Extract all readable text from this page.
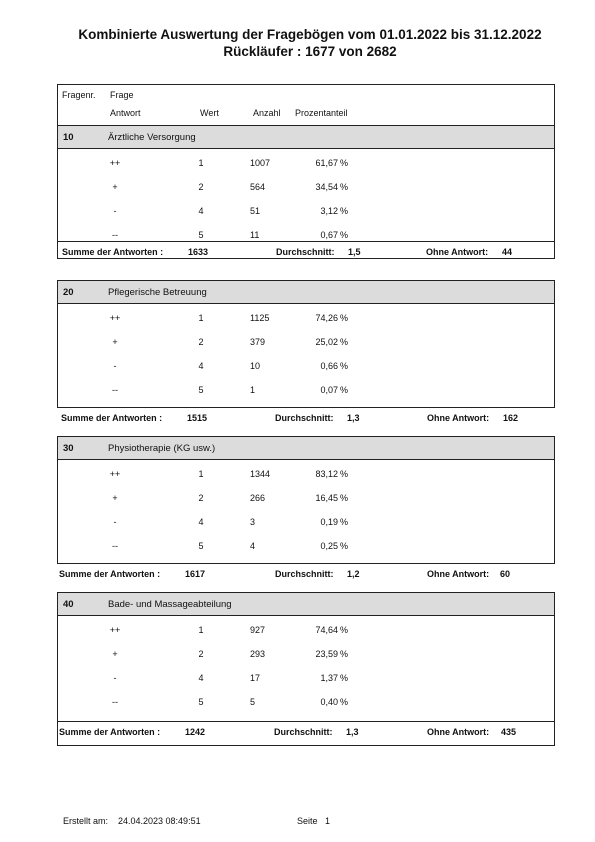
Kombinierte Auswertung der Fragebögen vom 01.01.2022 bis 31.12.2022
Rückläufer : 1677 von 2682
Fragenr. Frage
Antwort	Wert	Anzahl Prozentanteil
10	Ärztliche Versorgung
++	1	1007	61,67 %
+	2	564	34,54 %
-	4	51	3,12 %
--	5	11	0,67 %
Summe der Antworten :	1633	Durchschnitt: 1,5	Ohne Antwort: 44
20	Pflegerische Betreuung
++	1	1125	74,26 %
+	2	379	25,02 %
-	4	10	0,66 %
--	5	1	0,07 %
Summe der Antworten :	1515	Durchschnitt: 1,3	Ohne Antwort: 162
30	Physiotherapie (KG usw.)
++	1	1344	83,12 %
+	2	266	16,45 %
-	4	3	0,19 %
--	5	4	0,25 %
Summe der Antworten :	1617	Durchschnitt: 1,2	Ohne Antwort: 60
40	Bade- und Massageabteilung
++	1	927	74,64 %
+	2	293	23,59 %
-	4	17	1,37 %
--	5	5	0,40 %
Summe der Antworten :	1242	Durchschnitt: 1,3	Ohne Antwort: 435
Erstellt am: 24.04.2023 08:49:51	Seite 1
